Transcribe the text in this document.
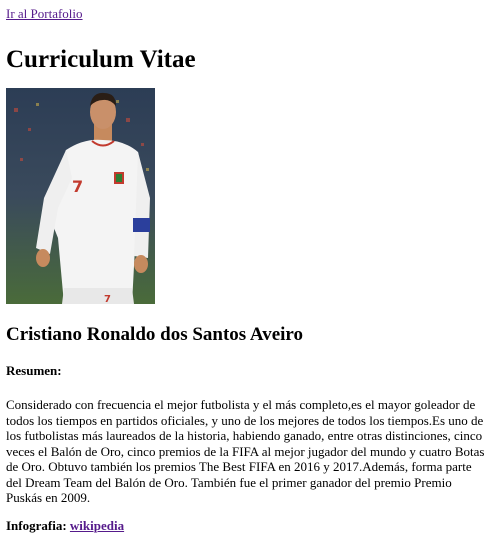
Ir al Portafolio
Curriculum Vitae
7
7
Cristiano Ronaldo dos Santos Aveiro

Resumen:

Considerado con frecuencia el mejor futbolista y el más completo,es el mayor goleador de todos los tiempos en partidos oficiales, y uno de los mejores de todos los tiempos.Es uno de los futbolistas más laureados de la historia, habiendo ganado, entre otras distinciones, cinco veces el Balón de Oro, cinco premios de la FIFA al mejor jugador del mundo y cuatro Botas de Oro. Obtuvo también los premios The Best FIFA en 2016 y 2017.Además, forma parte del Dream Team del Balón de Oro. También fue el primer ganador del premio Premio Puskás en 2009.

Infografia: wikipedia
